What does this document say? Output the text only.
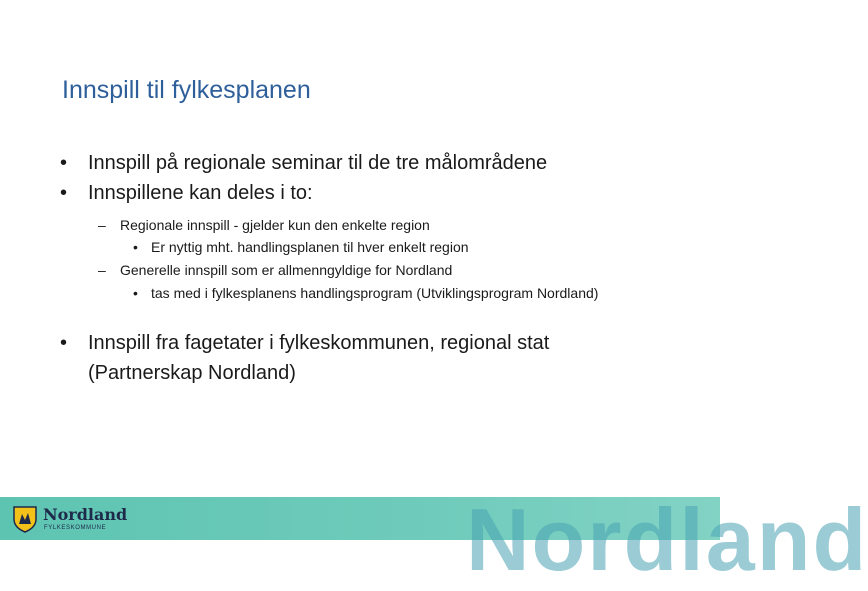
Innspill til fylkesplanen
• Innspill på regionale seminar til de tre målområdene
• Innspillene kan deles i to:
– Regionale innspill - gjelder kun den enkelte region
• Er nyttig mht. handlingsplanen til hver enkelt region
– Generelle innspill som er allmenngyldige for Nordland
• tas med i fylkesplanens handlingsprogram (Utviklingsprogram Nordland)
• Innspill fra fagetater i fylkeskommunen, regional stat (Partnerskap Nordland)
Nordland
Nordland
FYLKESKOMMUNE
